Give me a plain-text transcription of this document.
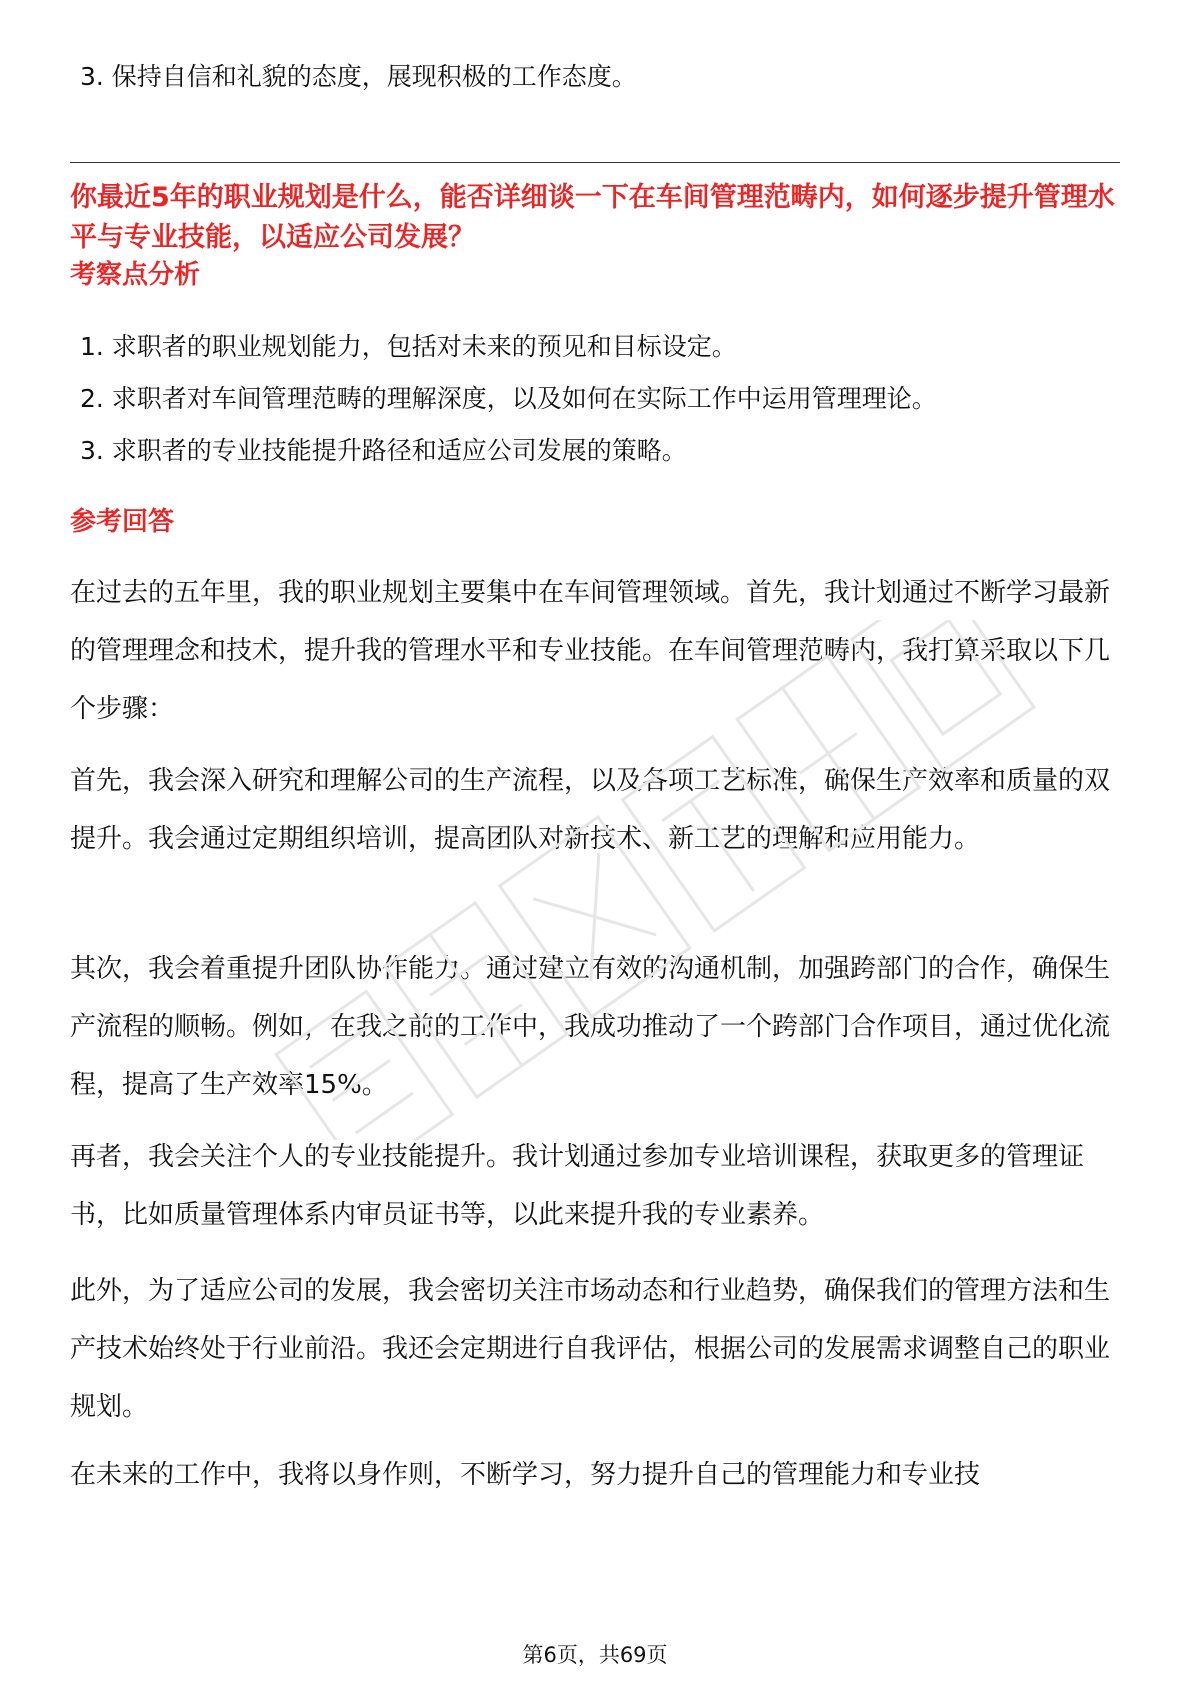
3. 保持自信和礼貌的态度，展现积极的工作态度。
你最近5年的职业规划是什么，能否详细谈一下在车间管理范畴内，如何逐步提升管理水平与专业技能，以适应公司发展？
考察点分析
1. 求职者的职业规划能力，包括对未来的预见和目标设定。
2. 求职者对车间管理范畴的理解深度，以及如何在实际工作中运用管理理论。
3. 求职者的专业技能提升路径和适应公司发展的策略。
参考回答

在过去的五年里，我的职业规划主要集中在车间管理领域。首先，我计划通过不断学习最新的管理理念和技术，提升我的管理水平和专业技能。在车间管理范畴内，我打算采取以下几个步骤：

首先，我会深入研究和理解公司的生产流程，以及各项工艺标准，确保生产效率和质量的双提升。我会通过定期组织培训，提高团队对新技术、新工艺的理解和应用能力。

其次，我会着重提升团队协作能力。通过建立有效的沟通机制，加强跨部门的合作，确保生产流程的顺畅。例如，在我之前的工作中，我成功推动了一个跨部门合作项目，通过优化流程，提高了生产效率15%。

再者，我会关注个人的专业技能提升。我计划通过参加专业培训课程，获取更多的管理证书，比如质量管理体系内审员证书等，以此来提升我的专业素养。

此外，为了适应公司的发展，我会密切关注市场动态和行业趋势，确保我们的管理方法和生产技术始终处于行业前沿。我还会定期进行自我评估，根据公司的发展需求调整自己的职业规划。

在未来的工作中，我将以身作则，不断学习，努力提升自己的管理能力和专业技

第6页，共69页
